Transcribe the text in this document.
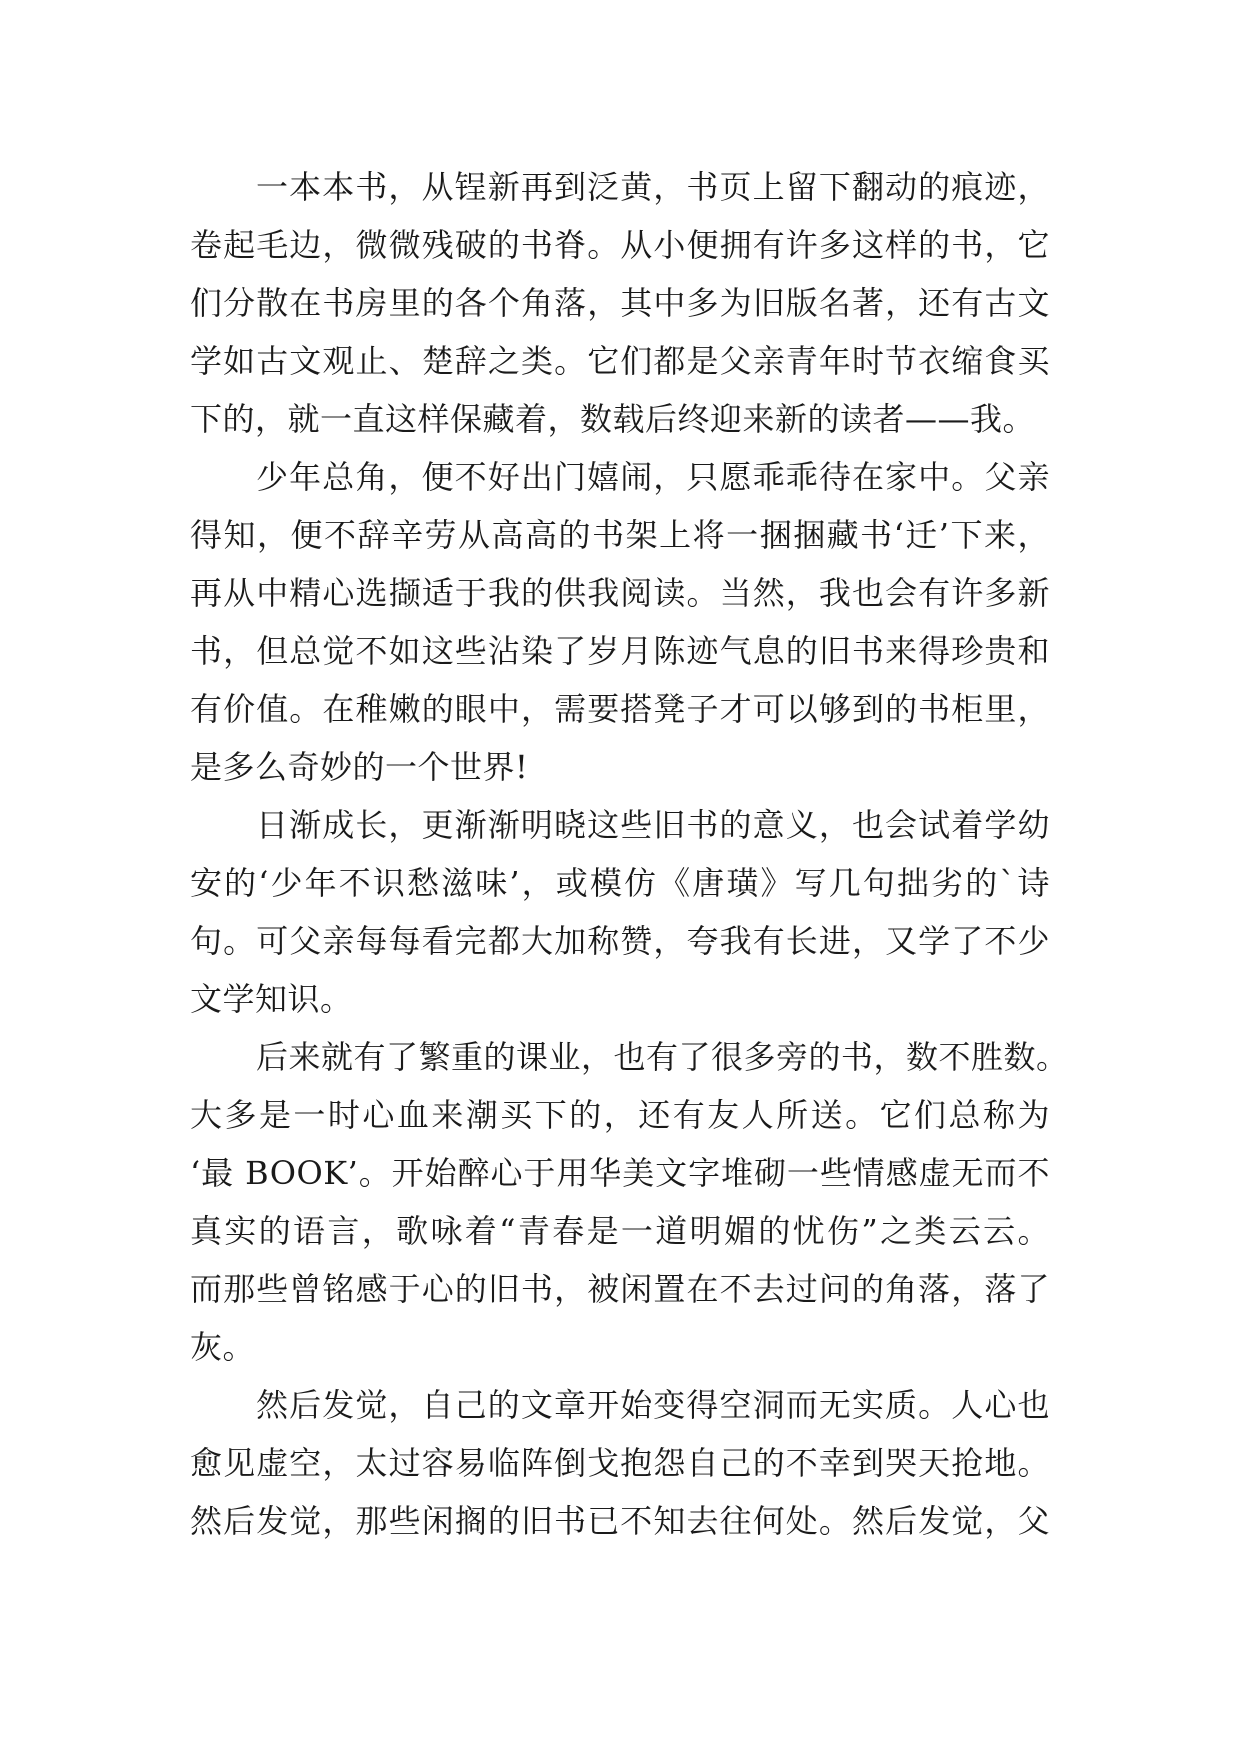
一本本书，从锃新再到泛黄，书页上留下翻动的痕迹，
卷起毛边，微微残破的书脊。从小便拥有许多这样的书，它
们分散在书房里的各个角落，其中多为旧版名著，还有古文
学如古文观止、楚辞之类。它们都是父亲青年时节衣缩食买
下的，就一直这样保藏着，数载后终迎来新的读者——我。
少年总角，便不好出门嬉闹，只愿乖乖待在家中。父亲
得知，便不辞辛劳从高高的书架上将一捆捆藏书‘迁’下来，
再从中精心选撷适于我的供我阅读。当然，我也会有许多新
书，但总觉不如这些沾染了岁月陈迹气息的旧书来得珍贵和
有价值。在稚嫩的眼中，需要搭凳子才可以够到的书柜里，
是多么奇妙的一个世界!
日渐成长，更渐渐明晓这些旧书的意义，也会试着学幼
安的‘少年不识愁滋味’，或模仿《唐璜》写几句拙劣的`诗
句。可父亲每每看完都大加称赞，夸我有长进，又学了不少
文学知识。
后来就有了繁重的课业，也有了很多旁的书，数不胜数。
大多是一时心血来潮买下的，还有友人所送。它们总称为
‘最 BOOK’。开始醉心于用华美文字堆砌一些情感虚无而不
真实的语言，歌咏着“青春是一道明媚的忧伤”之类云云。
而那些曾铭感于心的旧书，被闲置在不去过问的角落，落了
灰。
然后发觉，自己的文章开始变得空洞而无实质。人心也
愈见虚空，太过容易临阵倒戈抱怨自己的不幸到哭天抢地。
然后发觉，那些闲搁的旧书已不知去往何处。然后发觉，父
